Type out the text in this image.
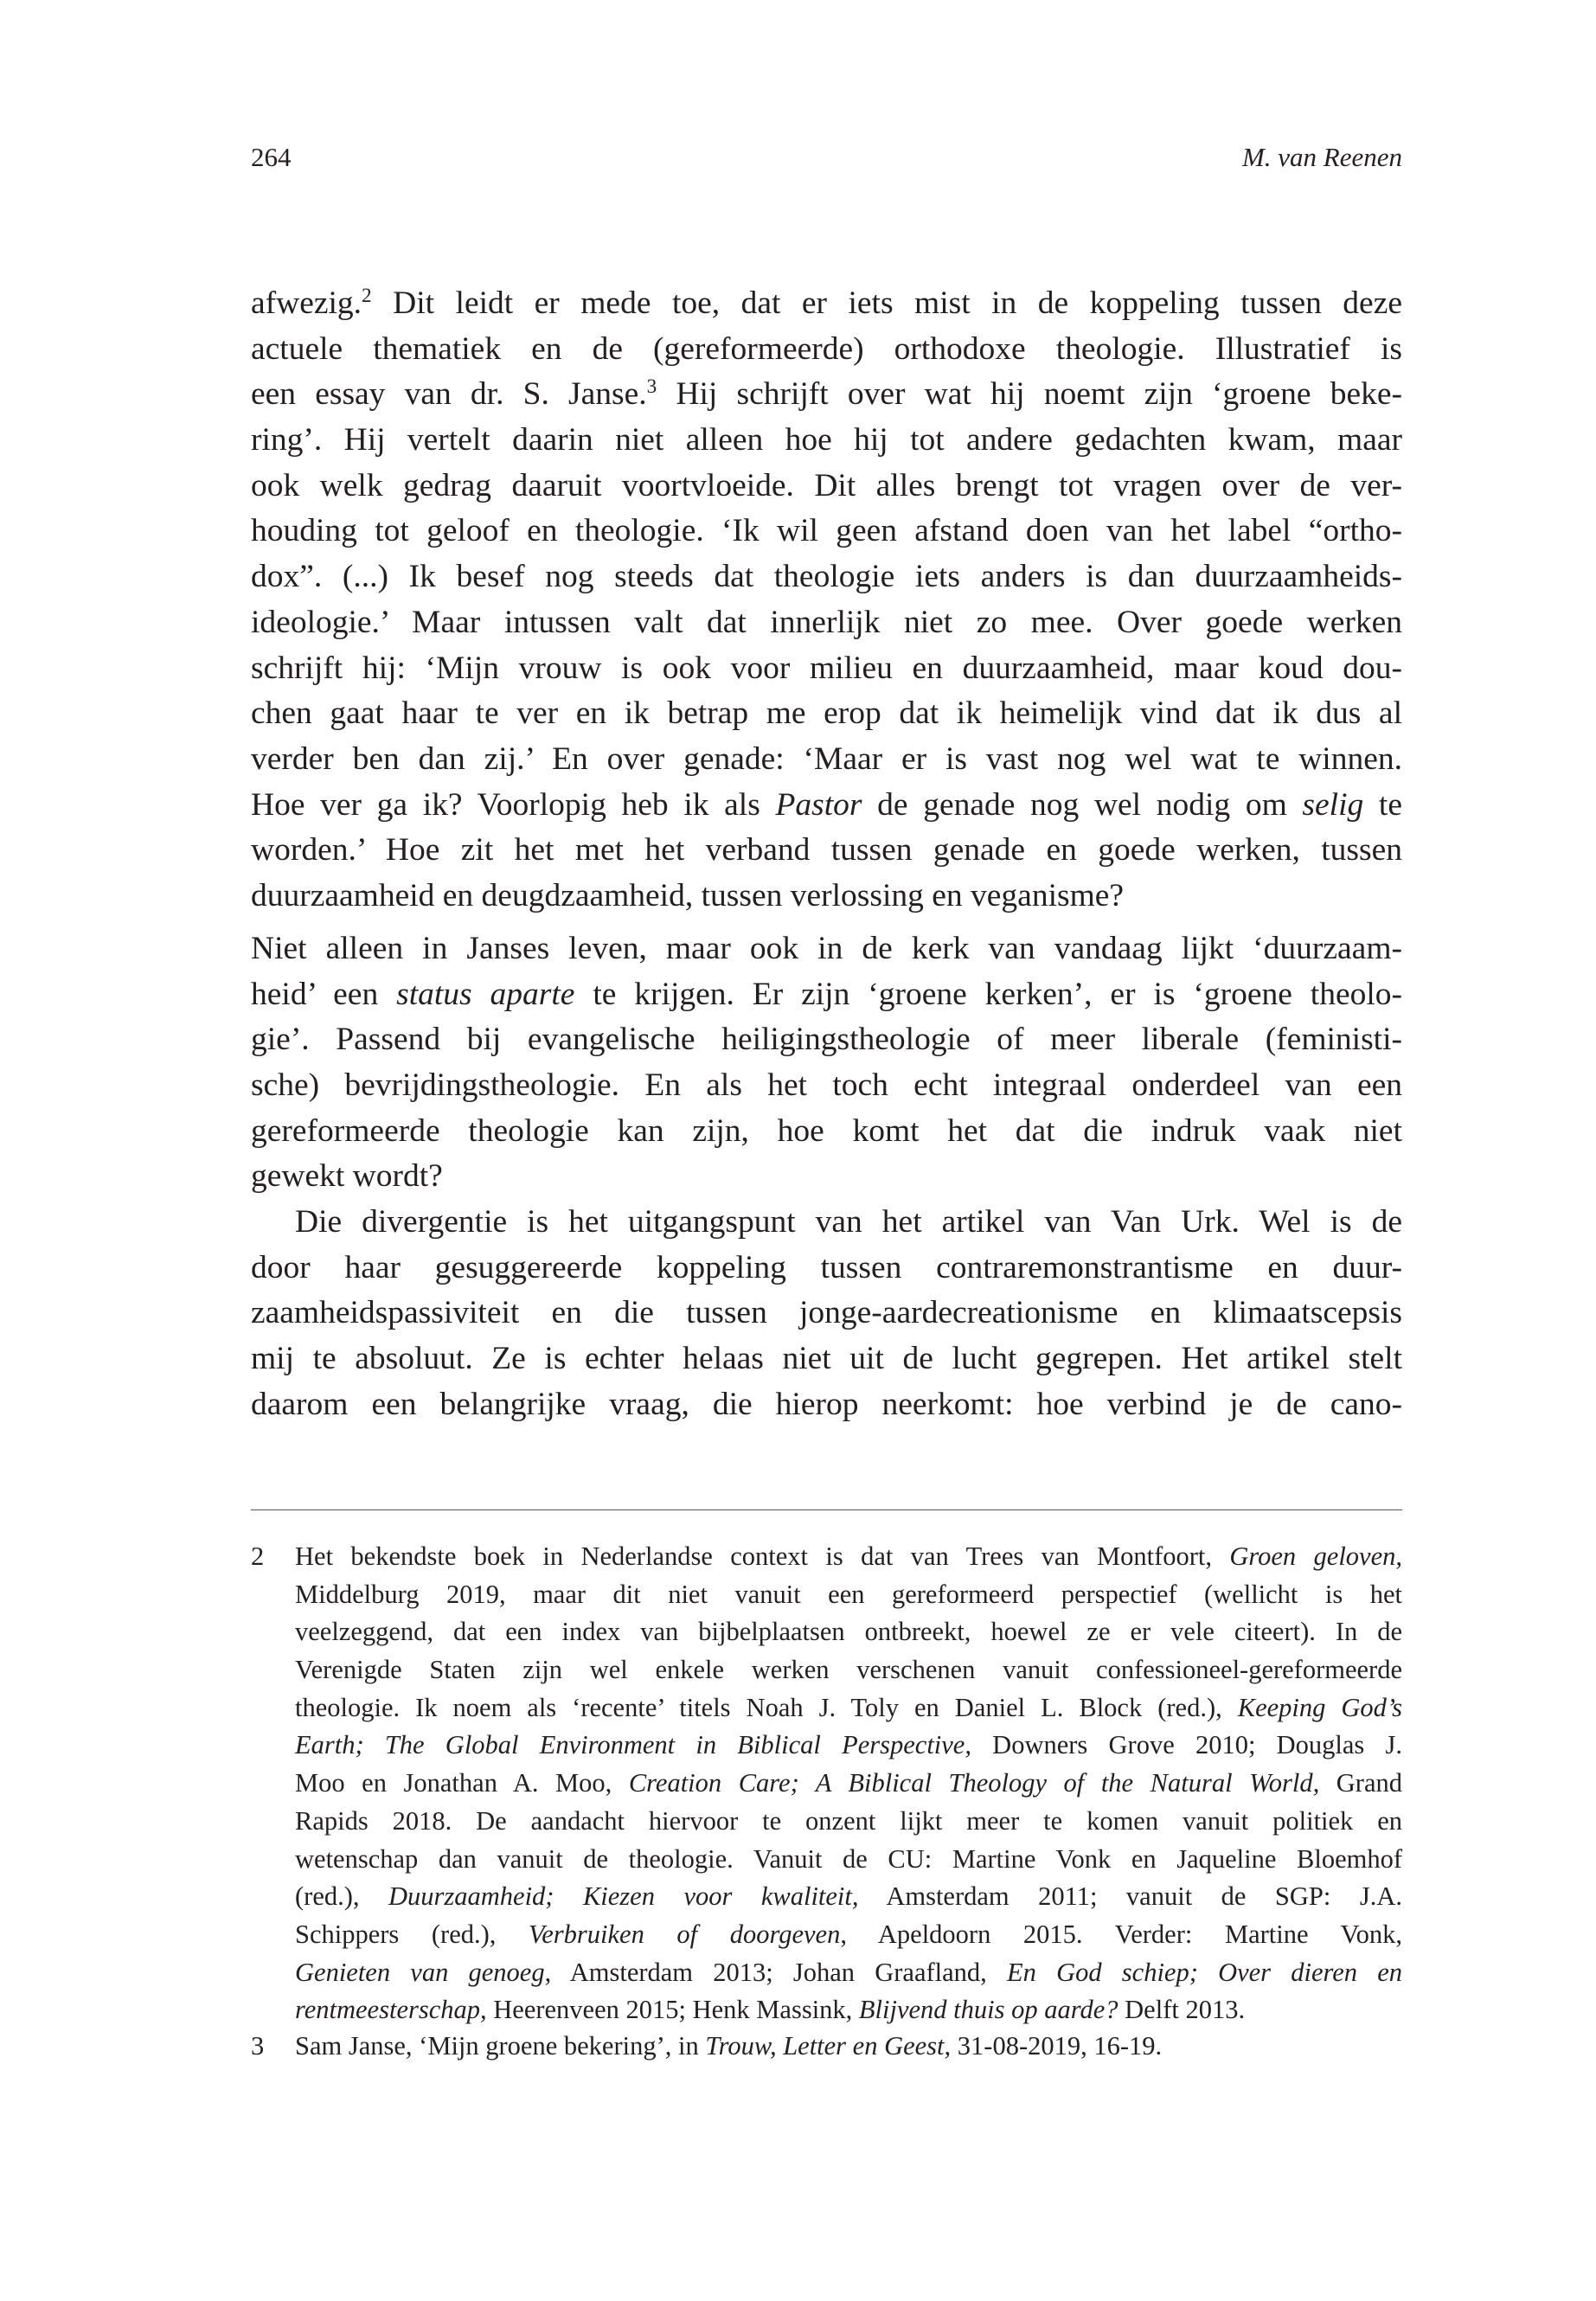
264	M. van Reenen
afwezig.$^2$ Dit leidt er mede toe, dat er iets mist in de koppeling tussen deze
actuele thematiek en de (gereformeerde) orthodoxe theologie. Illustratief is
een essay van dr. S. Janse.$^3$ Hij schrijft over wat hij noemt zijn ‘groene beke-
ring’. Hij vertelt daarin niet alleen hoe hij tot andere gedachten kwam, maar
ook welk gedrag daaruit voortvloeide. Dit alles brengt tot vragen over de ver-
houding tot geloof en theologie. ‘Ik wil geen afstand doen van het label “ortho-
dox”. (...) Ik besef nog steeds dat theologie iets anders is dan duurzaamheids-
ideologie.’ Maar intussen valt dat innerlijk niet zo mee. Over goede werken
schrijft hij: ‘Mijn vrouw is ook voor milieu en duurzaamheid, maar koud dou-
chen gaat haar te ver en ik betrap me erop dat ik heimelijk vind dat ik dus al
verder ben dan zij.’ En over genade: ‘Maar er is vast nog wel wat te winnen.
Hoe ver ga ik? Voorlopig heb ik als Pastor de genade nog wel nodig om selig te
worden.’ Hoe zit het met het verband tussen genade en goede werken, tussen
duurzaamheid en deugdzaamheid, tussen verlossing en veganisme?
Niet alleen in Janses leven, maar ook in de kerk van vandaag lijkt ‘duurzaam-
heid’ een status aparte te krijgen. Er zijn ‘groene kerken’, er is ‘groene theolo-
gie’. Passend bij evangelische heiligingstheologie of meer liberale (feministi-
sche) bevrijdingstheologie. En als het toch echt integraal onderdeel van een
gereformeerde theologie kan zijn, hoe komt het dat die indruk vaak niet
gewekt wordt?
Die divergentie is het uitgangspunt van het artikel van Van Urk. Wel is de
door haar gesuggereerde koppeling tussen contraremonstrantisme en duur-
zaamheidspassiviteit en die tussen jonge-aardecreationisme en klimaatscepsis
mij te absoluut. Ze is echter helaas niet uit de lucht gegrepen. Het artikel stelt
daarom een belangrijke vraag, die hierop neerkomt: hoe verbind je de cano-
2 Het bekendste boek in Nederlandse context is dat van Trees van Montfoort, Groen geloven,
Middelburg 2019, maar dit niet vanuit een gereformeerd perspectief (wellicht is het
veelzeggend, dat een index van bijbelplaatsen ontbreekt, hoewel ze er vele citeert). In de
Verenigde Staten zijn wel enkele werken verschenen vanuit confessioneel-gereformeerde
theologie. Ik noem als ‘recente’ titels Noah J. Toly en Daniel L. Block (red.), Keeping God’s
Earth; The Global Environment in Biblical Perspective, Downers Grove 2010; Douglas J.
Moo en Jonathan A. Moo, Creation Care; A Biblical Theology of the Natural World, Grand
Rapids 2018. De aandacht hiervoor te onzent lijkt meer te komen vanuit politiek en
wetenschap dan vanuit de theologie. Vanuit de CU: Martine Vonk en Jaqueline Bloemhof
(red.), Duurzaamheid; Kiezen voor kwaliteit, Amsterdam 2011; vanuit de SGP: J.A.
Schippers (red.), Verbruiken of doorgeven, Apeldoorn 2015. Verder: Martine Vonk,
Genieten van genoeg, Amsterdam 2013; Johan Graafland, En God schiep; Over dieren en
rentmeesterschap, Heerenveen 2015; Henk Massink, Blijvend thuis op aarde? Delft 2013.
3 Sam Janse, ‘Mijn groene bekering’, in Trouw, Letter en Geest, 31-08-2019, 16-19.
